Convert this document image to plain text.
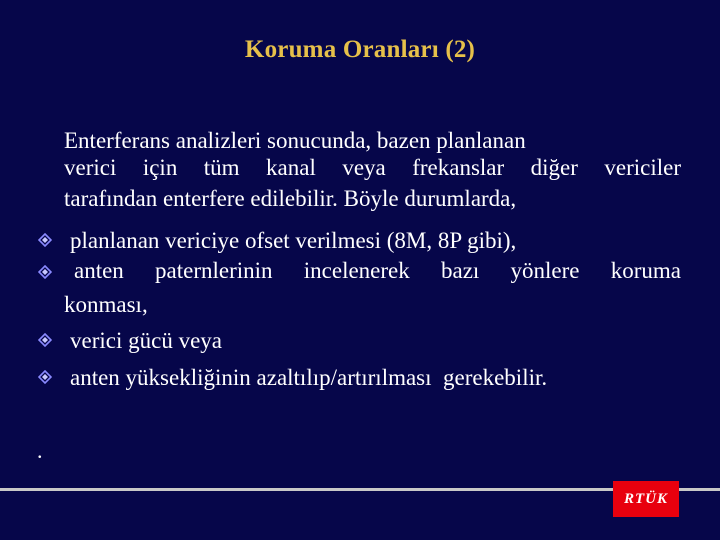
Koruma Oranları (2)
Enterferans analizleri sonucunda, bazen planlanan
verici için tüm kanal veya frekanslar diğer vericiler
tarafından enterfere edilebilir. Böyle durumlarda,
planlanan vericiye ofset verilmesi (8M, 8P gibi),
anten paternlerinin incelenerek bazı yönlere koruma
konması,
verici gücü veya
anten yüksekliğinin azaltılıp/artırılması  gerekebilir.
.
RTÜK
